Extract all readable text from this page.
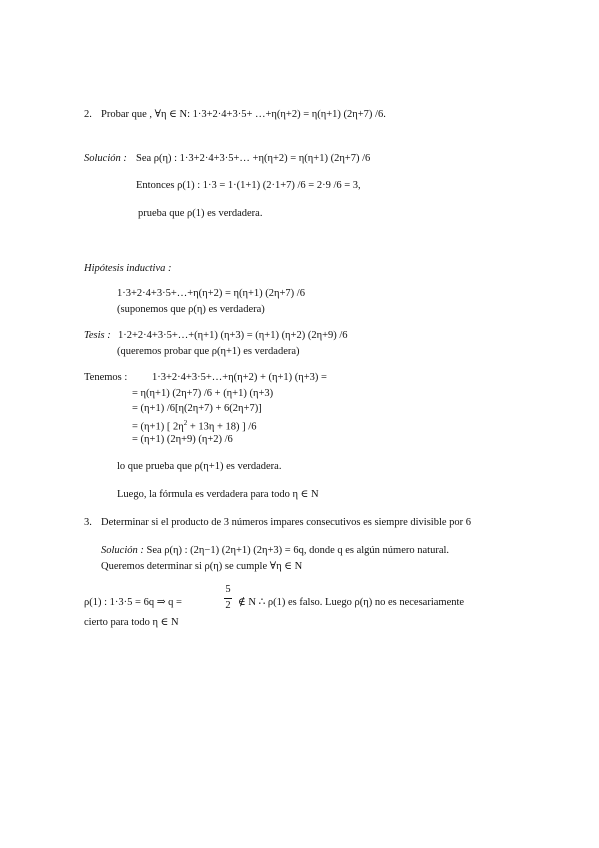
2. Probar que , ∀η ∈ N: 1·3+2·4+3·5+ …+η(η+2) = η(η+1) (2η+7) /6.
Solución : Sea ρ(η) : 1·3+2·4+3·5+… +η(η+2) = η(η+1) (2η+7) /6
Entonces ρ(1) : 1·3 = 1·(1+1) (2·1+7) /6 = 2·9 /6 = 3,
prueba que ρ(1) es verdadera.
Hipótesis inductiva :
1·3+2·4+3·5+…+η(η+2) = η(η+1) (2η+7) /6
(suponemos que ρ(η) es verdadera)
Tesis : 1·2+2·4+3·5+…+(η+1) (η+3) = (η+1) (η+2) (2η+9) /6
(queremos probar que ρ(η+1) es verdadera)
Tenemos : 1·3+2·4+3·5+…+η(η+2) + (η+1) (η+3) =
= η(η+1) (2η+7) /6 + (η+1) (η+3)
= (η+1) /6[η(2η+7) + 6(2η+7)]
= (η+1) [ $2\eta^2 + 13\eta + 18$) ] /6
= (η+1) (2η+9) (η+2) /6
lo que prueba que ρ(η+1) es verdadera.
Luego, la fórmula es verdadera para todo η ∈ N
3. Determinar si el producto de 3 números impares consecutivos es siempre divisible por 6
Solución : Sea ρ(η) : (2η−1) (2η+1) (2η+3) = 6q, donde q es algún número natural.
Queremos determinar si ρ(η) se cumple ∀η ∈ N
ρ(1) : 1·3·5 = 6q ⇒ q =
5
2 ∉ N ∴ ρ(1) es falso. Luego ρ(η) no es necesariamente
cierto para todo η ∈ N
